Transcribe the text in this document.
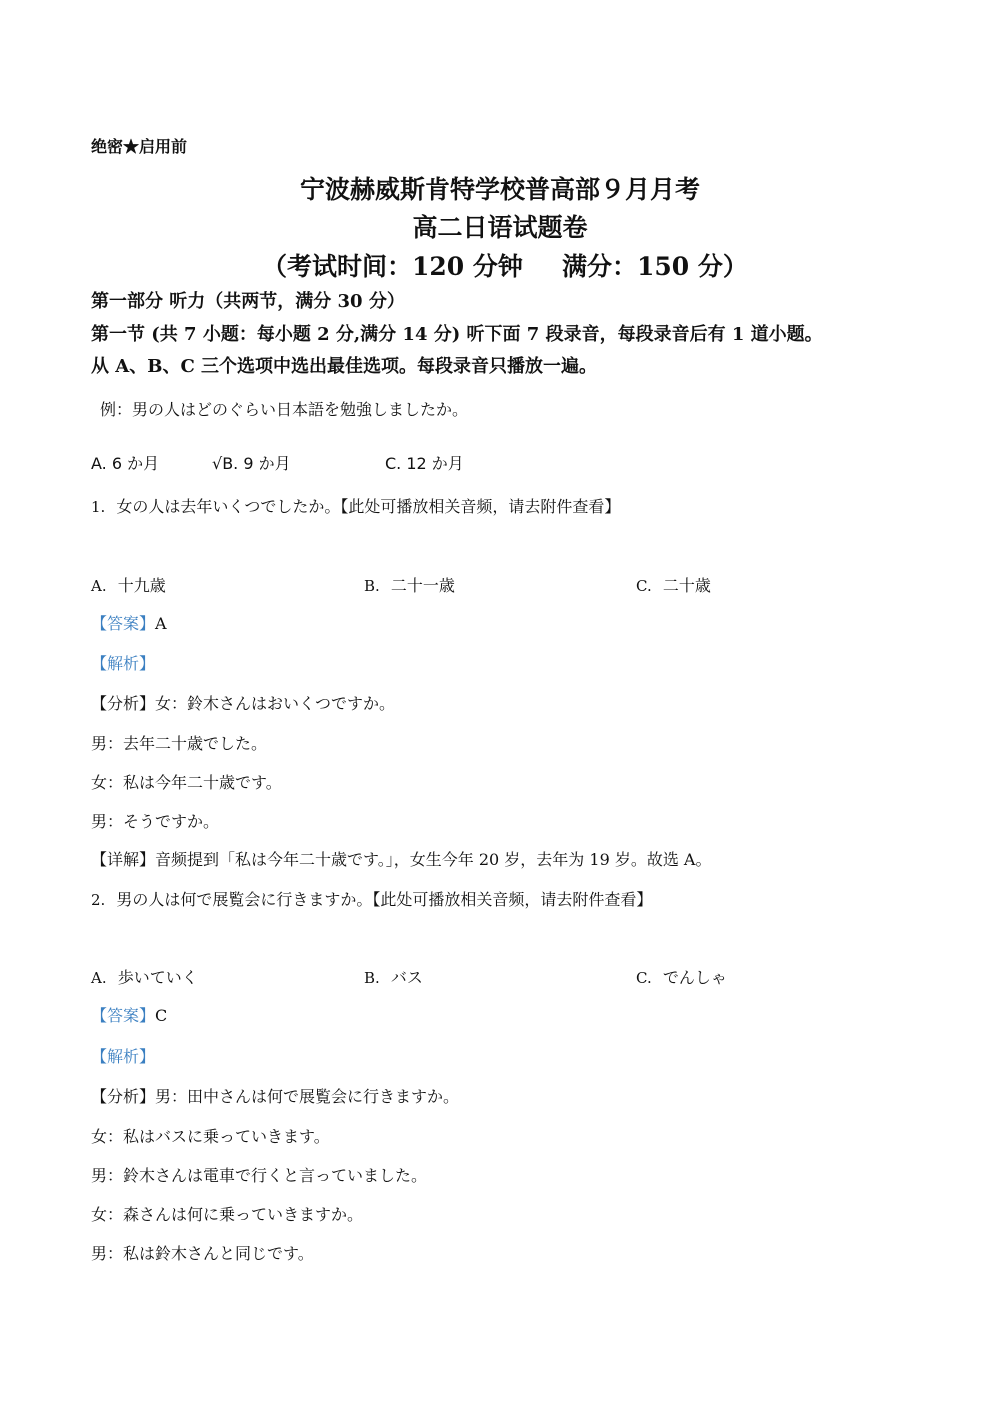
绝密★启用前
宁波赫威斯肯特学校普高部９月月考
高二日语试题卷
（考试时间：120 分钟 满分：150 分）
第一部分 听力（共两节，满分 30 分）
第一节 (共 7 小题：每小题 2 分,满分 14 分) 听下面 7 段录音，每段录音后有 1 道小题。
从 A、B、C 三个选项中选出最佳选项。每段录音只播放一遍。
例：男の人はどのぐらい日本語を勉強しましたか。
A. 6 か月	√B. 9 か月	C. 12 か月
1. 女の人は去年いくつでしたか。【此处可播放相关音频，请去附件查看】
A. 十九歳	B. 二十一歳	C. 二十歳
【答案】A
【解析】
【分析】女：鈴木さんはおいくつですか。
男：去年二十歳でした。
女：私は今年二十歳です。
男：そうですか。
【详解】音频提到「私は今年二十歳です。」，女生今年 20 岁，去年为 19 岁。故选 A。
2. 男の人は何で展覧会に行きますか。【此处可播放相关音频，请去附件查看】
A. 歩いていく	B. バス	C. でんしゃ
【答案】C
【解析】
【分析】男：田中さんは何で展覧会に行きますか。
女：私はバスに乗っていきます。
男：鈴木さんは電車で行くと言っていました。
女：森さんは何に乗っていきますか。
男：私は鈴木さんと同じです。
